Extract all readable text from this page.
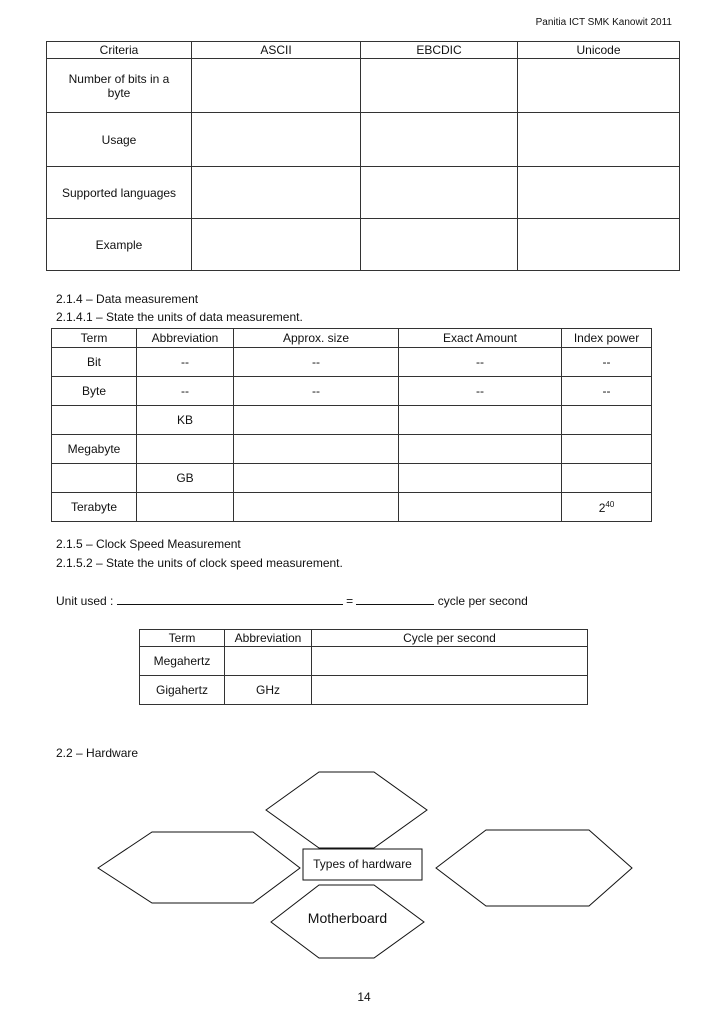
Panitia ICT SMK Kanowit 2011
Criteria	ASCII	EBCDIC	Unicode
Number of bits in a byte			
Usage			
Supported languages			
Example			
2.1.4 – Data measurement
2.1.4.1 – State the units of data measurement.
Term	Abbreviation	Approx. size	Exact Amount	Index power
Bit	--	--	--	--
Byte	--	--	--	--
	KB			
Megabyte				
	GB			
Terabyte				$2^{40}$
2.1.5 – Clock Speed Measurement
2.1.5.2 – State the units of clock speed measurement.
Unit used :	=	cycle per second
Term	Abbreviation	Cycle per second
Megahertz		
Gigahertz	GHz	
2.2 – Hardware
Types of hardware
Motherboard
14
